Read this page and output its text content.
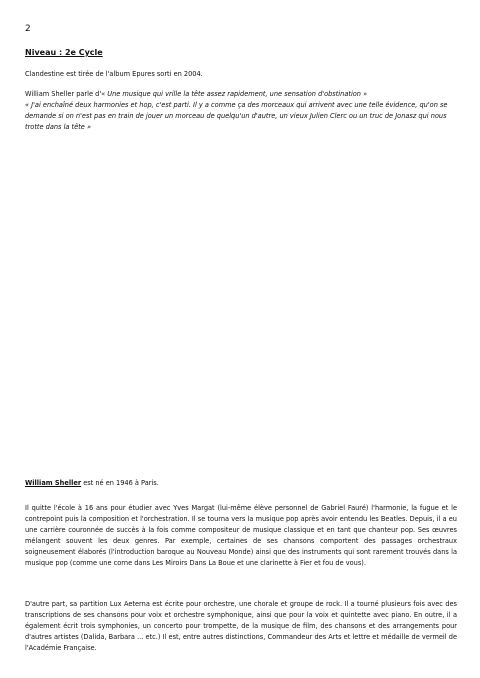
2
Niveau : 2e Cycle

Clandestine est tirée de l'album Epures sorti en 2004.

William Sheller parle d'« Une musique qui vrille la tête assez rapidement, une sensation d'obstination »
« J'ai enchaîné deux harmonies et hop, c'est parti. Il y a comme ça des morceaux qui arrivent avec une telle évidence, qu'on se demande si on n'est pas en train de jouer un morceau de quelqu'un d'autre, un vieux Julien Clerc ou un truc de Jonasz qui nous trotte dans la tête »

William Sheller est né en 1946 à Paris.

Il quitte l'école à 16 ans pour étudier avec Yves Margat (lui-même élève personnel de Gabriel Fauré) l'harmonie, la fugue et le contrepoint puis la composition et l'orchestration. Il se tourna vers la musique pop après avoir entendu les Beatles. Depuis, il a eu une carrière couronnée de succès à la fois comme compositeur de musique classique et en tant que chanteur pop. Ses œuvres mélangent souvent les deux genres. Par exemple, certaines de ses chansons comportent des passages orchestraux soigneusement élaborés (l'introduction baroque au Nouveau Monde) ainsi que des instruments qui sont rarement trouvés dans la musique pop (comme une corne dans Les Miroirs Dans La Boue et une clarinette à Fier et fou de vous).

D'autre part, sa partition Lux Aeterna est écrite pour orchestre, une chorale et groupe de rock. Il a tourné plusieurs fois avec des transcriptions de ses chansons pour voix et orchestre symphonique, ainsi que pour la voix et quintette avec piano. En outre, il a également écrit trois symphonies, un concerto pour trompette, de la musique de film, des chansons et des arrangements pour d'autres artistes (Dalida, Barbara ... etc.) Il est, entre autres distinctions, Commandeur des Arts et lettre et médaille de vermeil de l'Académie Française.
